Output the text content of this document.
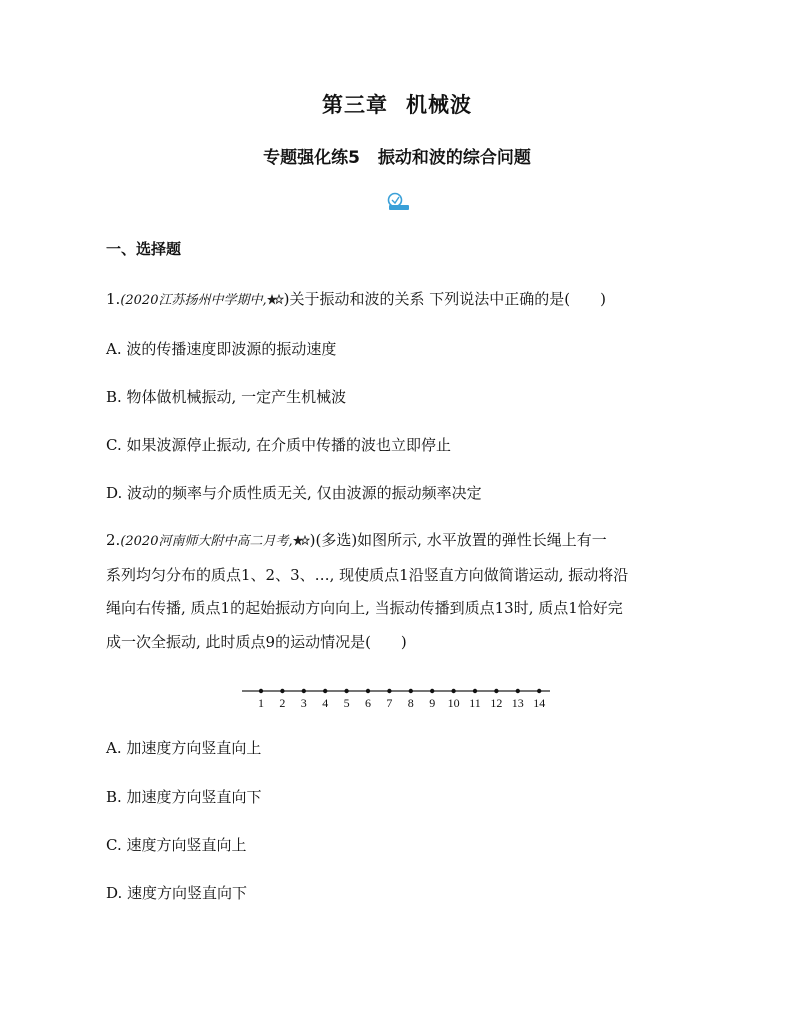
第三章 机械波
专题强化练5 振动和波的综合问题
一、选择题
1.(2020江苏扬州中学期中, )关于振动和波的关系 下列说法中正确的是(　　)
A. 波的传播速度即波源的振动速度
B. 物体做机械振动, 一定产生机械波
C. 如果波源停止振动, 在介质中传播的波也立即停止
D. 波动的频率与介质性质无关, 仅由波源的振动频率决定
2.(2020河南师大附中高二月考, )(多选)如图所示, 水平放置的弹性长绳上有一
系列均匀分布的质点1、2、3、…, 现使质点1沿竖直方向做简谐运动, 振动将沿
绳向右传播, 质点1的起始振动方向向上, 当振动传播到质点13时, 质点1恰好完
成一次全振动, 此时质点9的运动情况是(　　)
1 2 3 4 5 6 7 8 9 10 11 12 13 14
A. 加速度方向竖直向上
B. 加速度方向竖直向下
C. 速度方向竖直向上
D. 速度方向竖直向下
